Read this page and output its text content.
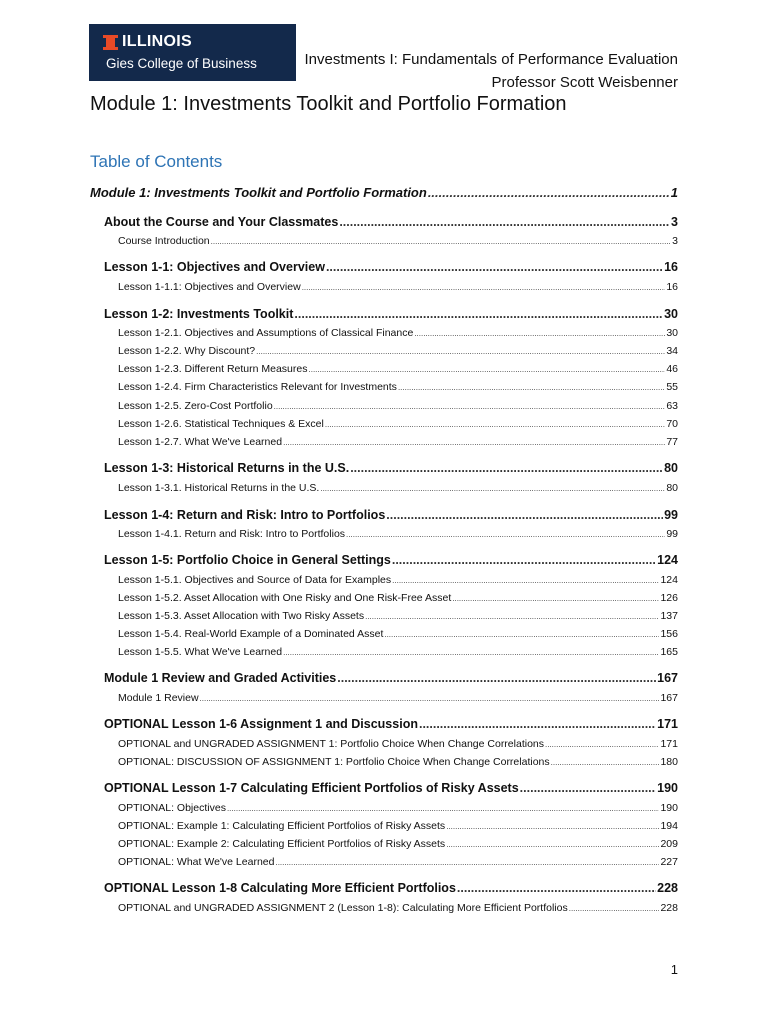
ILLINOIS
Gies College of Business	Investments I: Fundamentals of Performance Evaluation
Professor Scott Weisbenner
Module 1: Investments Toolkit and Portfolio Formation
Table of Contents
Module 1: Investments Toolkit and Portfolio Formation .....	1
About the Course and Your Classmates .....	3
Course Introduction .....	3
Lesson 1-1: Objectives and Overview .....	16
Lesson 1-1.1: Objectives and Overview .....	16
Lesson 1-2: Investments Toolkit .....	30
Lesson 1-2.1. Objectives and Assumptions of Classical Finance .....	30
Lesson 1-2.2. Why Discount? .....	34
Lesson 1-2.3. Different Return Measures .....	46
Lesson 1-2.4. Firm Characteristics Relevant for Investments .....	55
Lesson 1-2.5. Zero-Cost Portfolio .....	63
Lesson 1-2.6. Statistical Techniques & Excel .....	70
Lesson 1-2.7. What We've Learned .....	77
Lesson 1-3: Historical Returns in the U.S. .....	80
Lesson 1-3.1. Historical Returns in the U.S. .....	80
Lesson 1-4: Return and Risk: Intro to Portfolios .....	99
Lesson 1-4.1. Return and Risk: Intro to Portfolios .....	99
Lesson 1-5: Portfolio Choice in General Settings .....	124
Lesson 1-5.1. Objectives and Source of Data for Examples .....	124
Lesson 1-5.2. Asset Allocation with One Risky and One Risk-Free Asset .....	126
Lesson 1-5.3. Asset Allocation with Two Risky Assets .....	137
Lesson 1-5.4. Real-World Example of a Dominated Asset .....	156
Lesson 1-5.5. What We've Learned .....	165
Module 1 Review and Graded Activities .....	167
Module 1 Review .....	167
OPTIONAL Lesson 1-6 Assignment 1 and Discussion .....	171
OPTIONAL and UNGRADED ASSIGNMENT 1: Portfolio Choice When Change Correlations .....	171
OPTIONAL: DISCUSSION OF ASSIGNMENT 1: Portfolio Choice When Change Correlations .....	180
OPTIONAL Lesson 1-7 Calculating Efficient Portfolios of Risky Assets .....	190
OPTIONAL: Objectives .....	190
OPTIONAL: Example 1: Calculating Efficient Portfolios of Risky Assets .....	194
OPTIONAL: Example 2: Calculating Efficient Portfolios of Risky Assets .....	209
OPTIONAL: What We've Learned .....	227
OPTIONAL Lesson 1-8 Calculating More Efficient Portfolios .....	228
OPTIONAL and UNGRADED ASSIGNMENT 2 (Lesson 1-8): Calculating More Efficient Portfolios .....	228
1
